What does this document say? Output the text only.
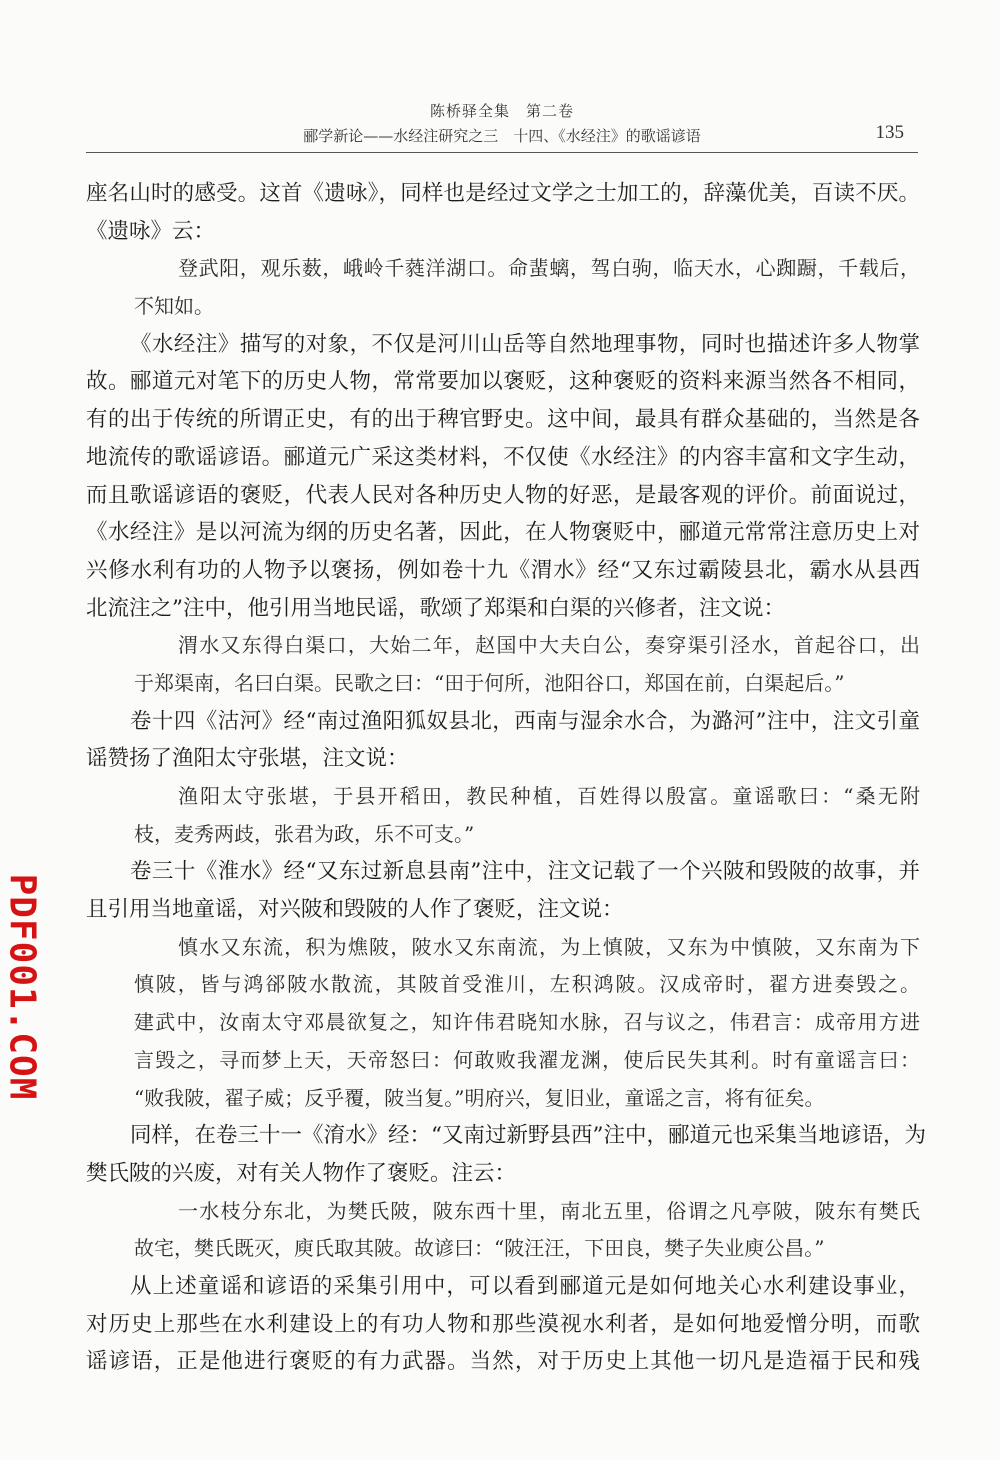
陈桥驿全集　第二卷
郦学新论——水经注研究之三　十四、《水经注》的歌谣谚语	135
座名山时的感受。这首《遗咏》，同样也是经过文学之士加工的，辞藻优美，百读不厌。
《遗咏》云：
登武阳，观乐薮，峨岭千蕤洋湖口。命蜚螭，驾白驹，临天水，心踟蹰，千载后，
不知如。
《水经注》描写的对象，不仅是河川山岳等自然地理事物，同时也描述许多人物掌
故。郦道元对笔下的历史人物，常常要加以褒贬，这种褒贬的资料来源当然各不相同，
有的出于传统的所谓正史，有的出于稗官野史。这中间，最具有群众基础的，当然是各
地流传的歌谣谚语。郦道元广采这类材料，不仅使《水经注》的内容丰富和文字生动，
而且歌谣谚语的褒贬，代表人民对各种历史人物的好恶，是最客观的评价。前面说过，
《水经注》是以河流为纲的历史名著，因此，在人物褒贬中，郦道元常常注意历史上对
兴修水利有功的人物予以褒扬，例如卷十九《渭水》经“又东过霸陵县北，霸水从县西
北流注之”注中，他引用当地民谣，歌颂了郑渠和白渠的兴修者，注文说：
渭水又东得白渠口，大始二年，赵国中大夫白公，奏穿渠引泾水，首起谷口，出
于郑渠南，名曰白渠。民歌之曰：“田于何所，池阳谷口，郑国在前，白渠起后。”
卷十四《沽河》经“南过渔阳狐奴县北，西南与湿余水合，为潞河”注中，注文引童
谣赞扬了渔阳太守张堪，注文说：
渔阳太守张堪，于县开稻田，教民种植，百姓得以殷富。童谣歌曰：“桑无附
枝，麦秀两歧，张君为政，乐不可支。”
卷三十《淮水》经“又东过新息县南”注中，注文记载了一个兴陂和毁陂的故事，并
且引用当地童谣，对兴陂和毁陂的人作了褒贬，注文说：
慎水又东流，积为燋陂，陂水又东南流，为上慎陂，又东为中慎陂，又东南为下
慎陂，皆与鸿郤陂水散流，其陂首受淮川，左积鸿陂。汉成帝时，翟方进奏毁之。
建武中，汝南太守邓晨欲复之，知许伟君晓知水脉，召与议之，伟君言：成帝用方进
言毁之，寻而梦上天，天帝怒曰：何敢败我濯龙渊，使后民失其利。时有童谣言曰：
“败我陂，翟子威；反乎覆，陂当复。”明府兴，复旧业，童谣之言，将有征矣。
同样，在卷三十一《淯水》经：“又南过新野县西”注中，郦道元也采集当地谚语，为
樊氏陂的兴废，对有关人物作了褒贬。注云：
一水枝分东北，为樊氏陂，陂东西十里，南北五里，俗谓之凡亭陂，陂东有樊氏
故宅，樊氏既灭，庾氏取其陂。故谚曰：“陂汪汪，下田良，樊子失业庾公昌。”
从上述童谣和谚语的采集引用中，可以看到郦道元是如何地关心水利建设事业，
对历史上那些在水利建设上的有功人物和那些漠视水利者，是如何地爱憎分明，而歌
谣谚语，正是他进行褒贬的有力武器。当然，对于历史上其他一切凡是造福于民和残
PDF001.COM
